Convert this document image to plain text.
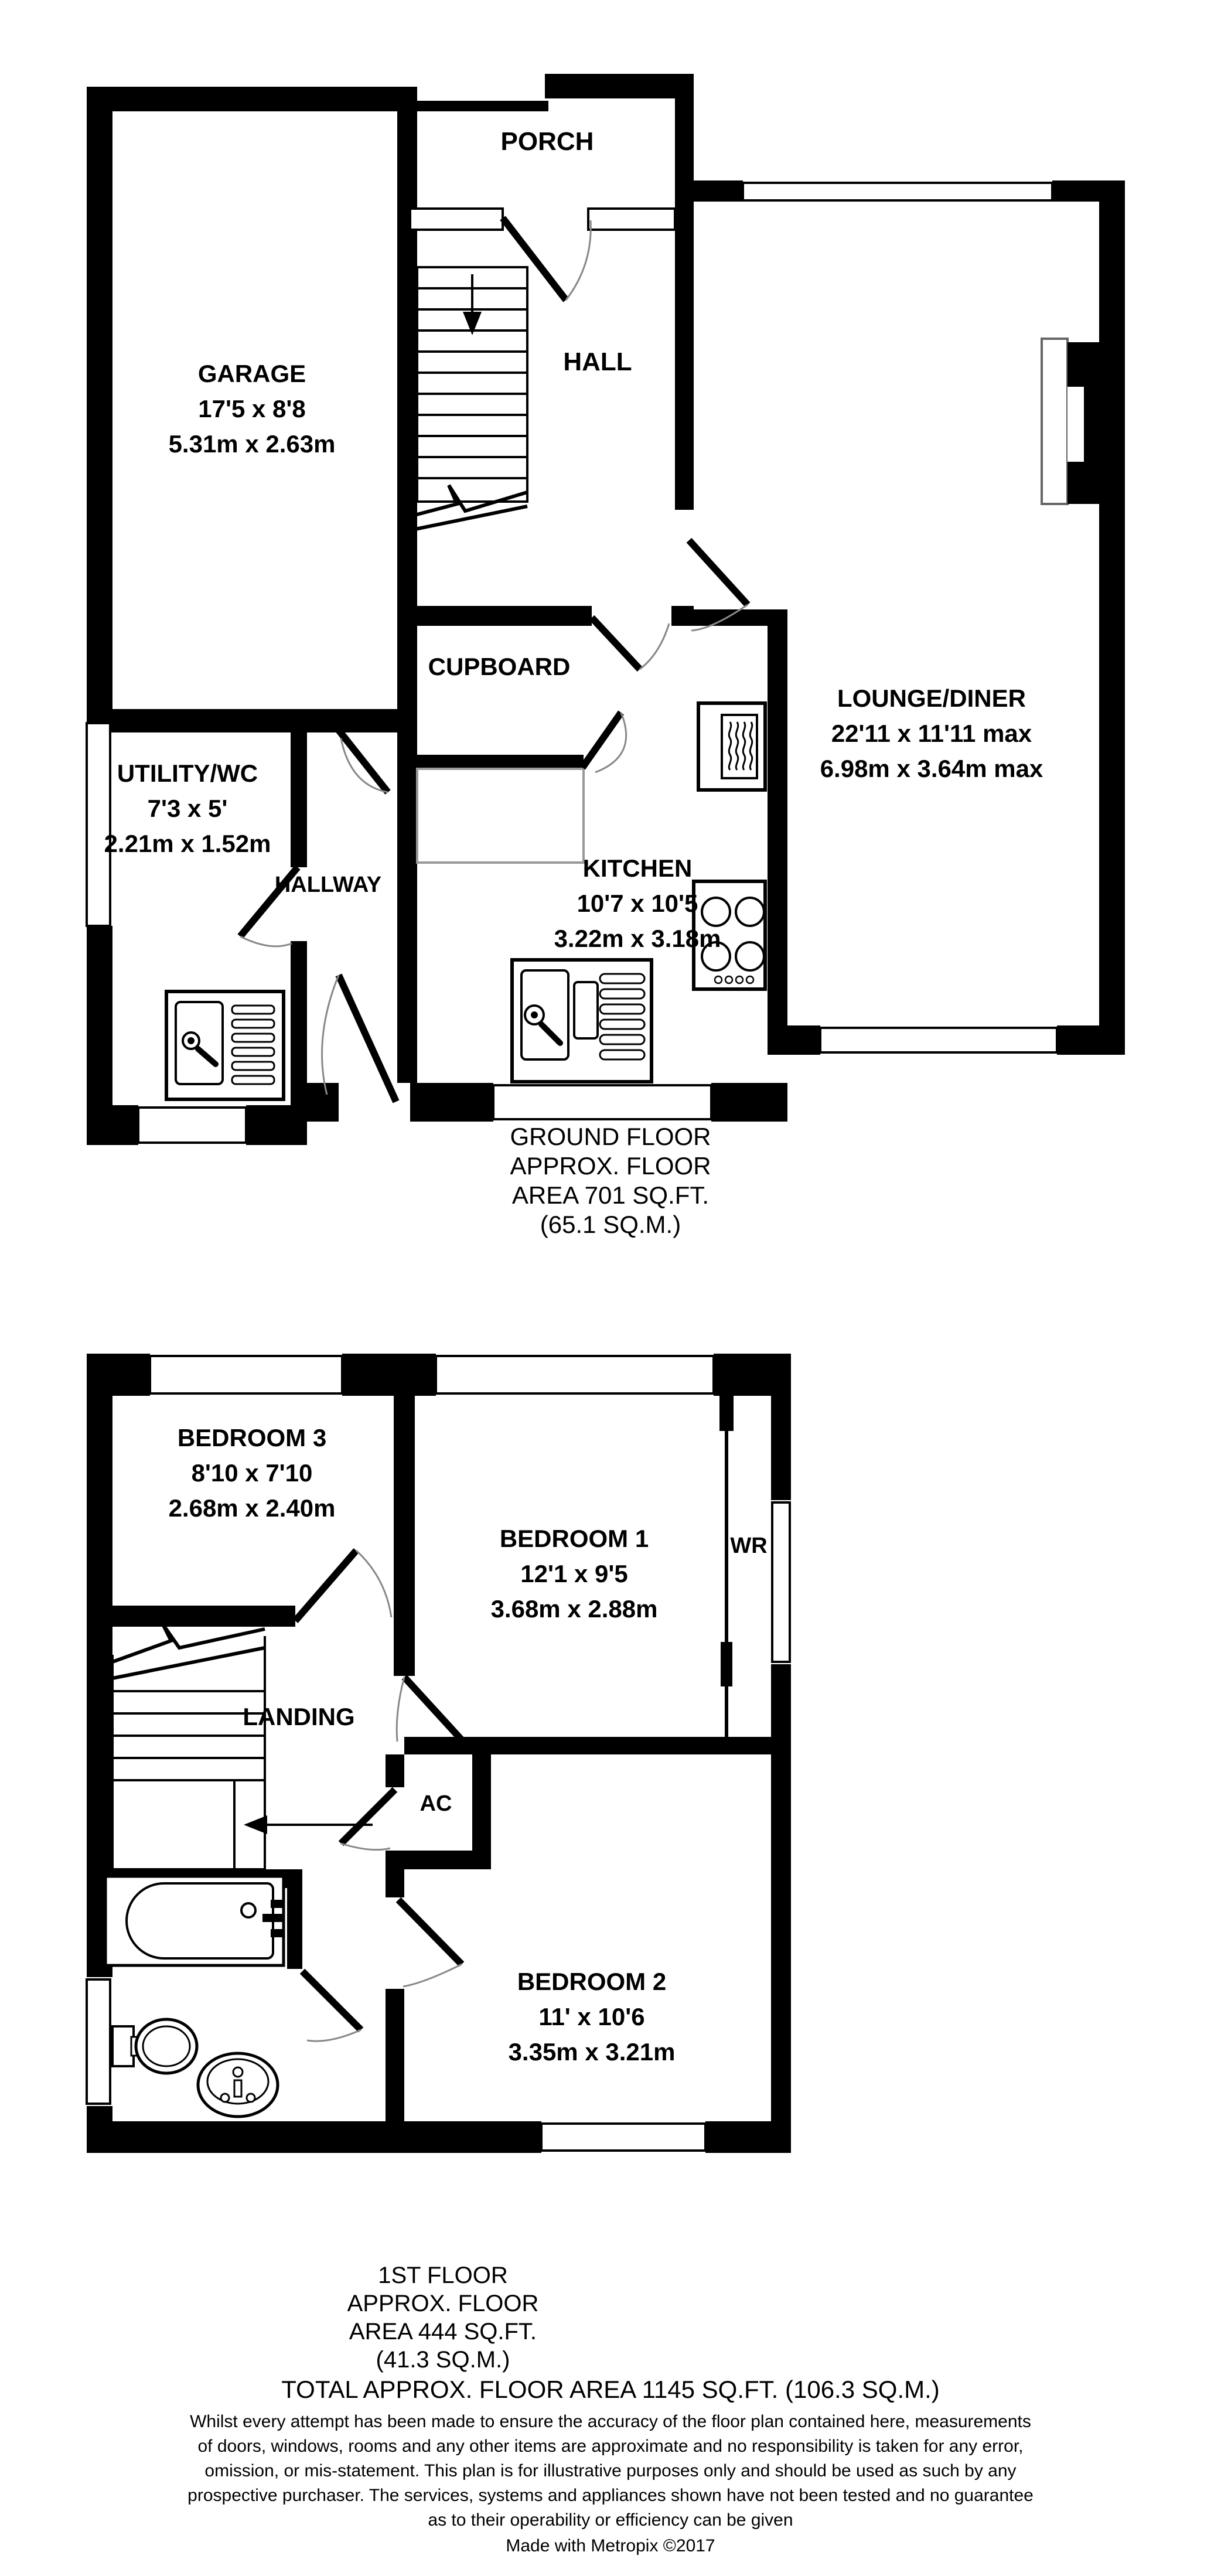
PORCH
GARAGE
17'5 x 8'8
5.31m x 2.63m
HALL
CUPBOARD
LOUNGE/DINER
22'11 x 11'11 max
6.98m x 3.64m max
UTILITY/WC
7'3 x 5'
2.21m x 1.52m
HALLWAY
KITCHEN
10'7 x 10'5
3.22m x 3.18m
GROUND FLOOR
APPROX. FLOOR
AREA 701 SQ.FT.
(65.1 SQ.M.)
BEDROOM 3
8'10 x 7'10
2.68m x 2.40m
BEDROOM 1
12'1 x 9'5
3.68m x 2.88m
WR
LANDING
AC
BEDROOM 2
11' x 10'6
3.35m x 3.21m
1ST FLOOR
APPROX. FLOOR
AREA 444 SQ.FT.
(41.3 SQ.M.)
TOTAL APPROX. FLOOR AREA 1145 SQ.FT. (106.3 SQ.M.)
Whilst every attempt has been made to ensure the accuracy of the floor plan contained here, measurements
of doors, windows, rooms and any other items are approximate and no responsibility is taken for any error,
omission, or mis-statement. This plan is for illustrative purposes only and should be used as such by any
prospective purchaser. The services, systems and appliances shown have not been tested and no guarantee
as to their operability or efficiency can be given
Made with Metropix ©2017
